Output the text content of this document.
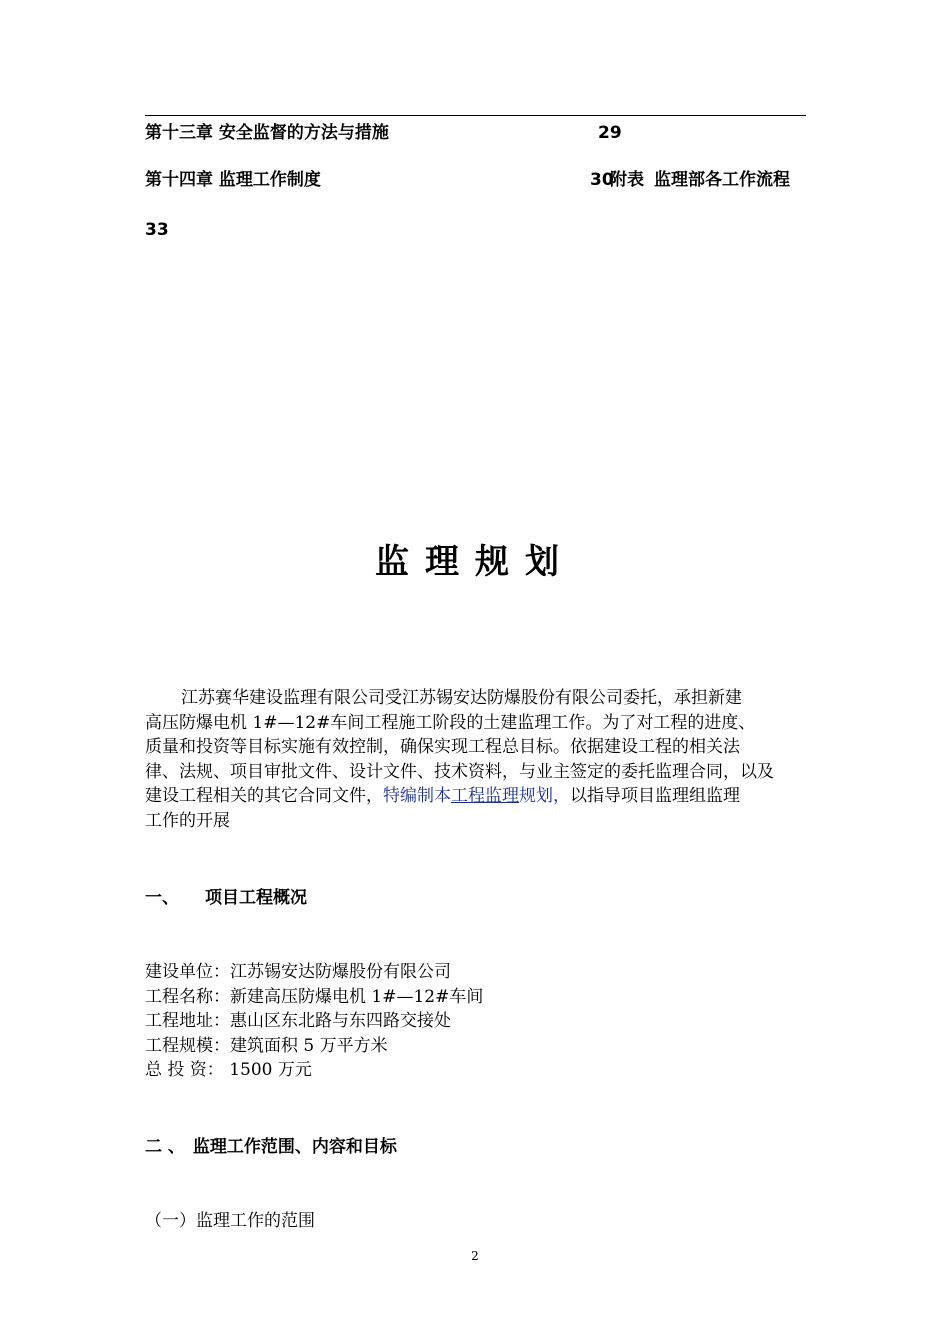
第十三章 安全监督的方法与措施	29
第十四章 监理工作制度	30
附表 监理部各工作流程
33
监理规划

江苏赛华建设监理有限公司受江苏锡安达防爆股份有限公司委托，承担新建

高压防爆电机 1#—12#车间工程施工阶段的土建监理工作。为了对工程的进度、

质量和投资等目标实施有效控制，确保实现工程总目标。依据建设工程的相关法

律、法规、项目审批文件、设计文件、技术资料，与业主签定的委托监理合同，以及

建设工程相关的其它合同文件，特编制本工程监理规划，以指导项目监理组监理

工作的开展

一、 项目工程概况
建设单位：江苏锡安达防爆股份有限公司
工程名称：新建高压防爆电机 1#—12#车间
工程地址：惠山区东北路与东四路交接处
工程规模：建筑面积 5 万平方米
总 投 资： 1500 万元
二 、 监理工作范围、内容和目标
（一）监理工作的范围
2
